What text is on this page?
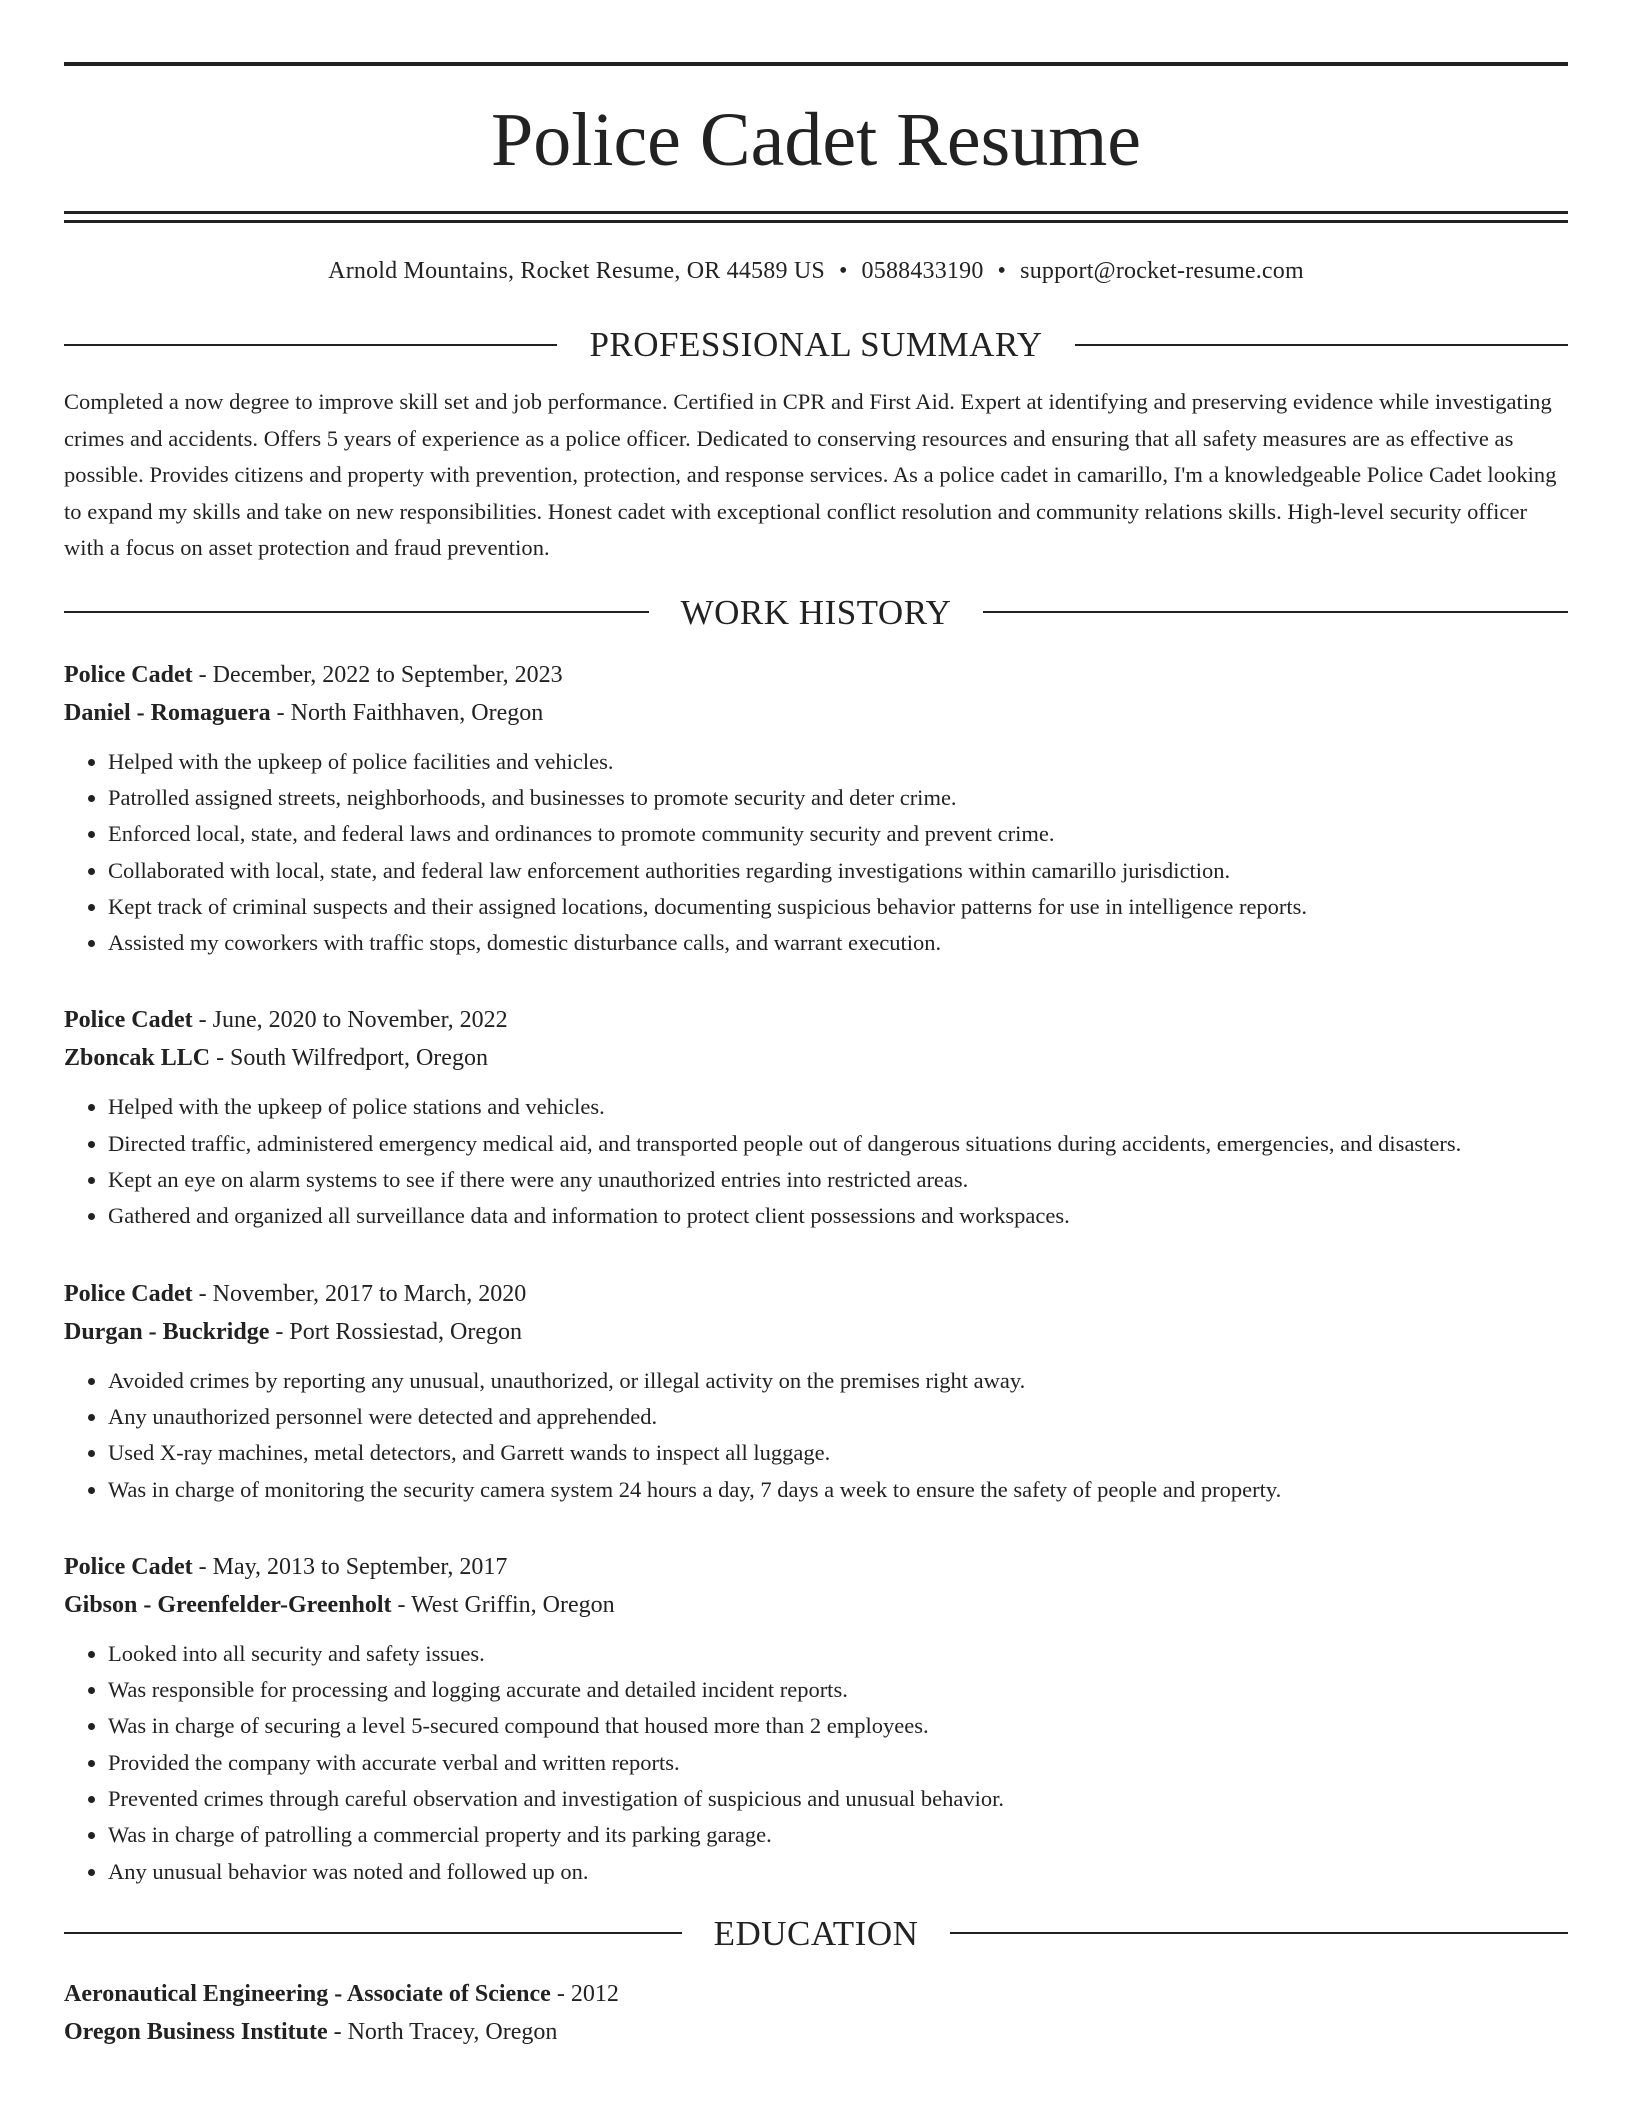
Police Cadet Resume
Arnold Mountains, Rocket Resume, OR 44589 US • 0588433190 • support@rocket-resume.com
PROFESSIONAL SUMMARY

Completed a now degree to improve skill set and job performance. Certified in CPR and First Aid. Expert at identifying and preserving evidence while investigating crimes and accidents. Offers 5 years of experience as a police officer. Dedicated to conserving resources and ensuring that all safety measures are as effective as possible. Provides citizens and property with prevention, protection, and response services. As a police cadet in camarillo, I'm a knowledgeable Police Cadet looking to expand my skills and take on new responsibilities. Honest cadet with exceptional conflict resolution and community relations skills. High-level security officer with a focus on asset protection and fraud prevention.

WORK HISTORY
Police Cadet - December, 2022 to September, 2023
Daniel - Romaguera - North Faithhaven, Oregon
• Helped with the upkeep of police facilities and vehicles.
• Patrolled assigned streets, neighborhoods, and businesses to promote security and deter crime.
• Enforced local, state, and federal laws and ordinances to promote community security and prevent crime.
• Collaborated with local, state, and federal law enforcement authorities regarding investigations within camarillo jurisdiction.
• Kept track of criminal suspects and their assigned locations, documenting suspicious behavior patterns for use in intelligence reports.
• Assisted my coworkers with traffic stops, domestic disturbance calls, and warrant execution.
Police Cadet - June, 2020 to November, 2022
Zboncak LLC - South Wilfredport, Oregon
• Helped with the upkeep of police stations and vehicles.
• Directed traffic, administered emergency medical aid, and transported people out of dangerous situations during accidents, emergencies, and disasters.
• Kept an eye on alarm systems to see if there were any unauthorized entries into restricted areas.
• Gathered and organized all surveillance data and information to protect client possessions and workspaces.
Police Cadet - November, 2017 to March, 2020
Durgan - Buckridge - Port Rossiestad, Oregon
• Avoided crimes by reporting any unusual, unauthorized, or illegal activity on the premises right away.
• Any unauthorized personnel were detected and apprehended.
• Used X-ray machines, metal detectors, and Garrett wands to inspect all luggage.
• Was in charge of monitoring the security camera system 24 hours a day, 7 days a week to ensure the safety of people and property.
Police Cadet - May, 2013 to September, 2017
Gibson - Greenfelder-Greenholt - West Griffin, Oregon
• Looked into all security and safety issues.
• Was responsible for processing and logging accurate and detailed incident reports.
• Was in charge of securing a level 5-secured compound that housed more than 2 employees.
• Provided the company with accurate verbal and written reports.
• Prevented crimes through careful observation and investigation of suspicious and unusual behavior.
• Was in charge of patrolling a commercial property and its parking garage.
• Any unusual behavior was noted and followed up on.
EDUCATION
Aeronautical Engineering - Associate of Science - 2012
Oregon Business Institute - North Tracey, Oregon
